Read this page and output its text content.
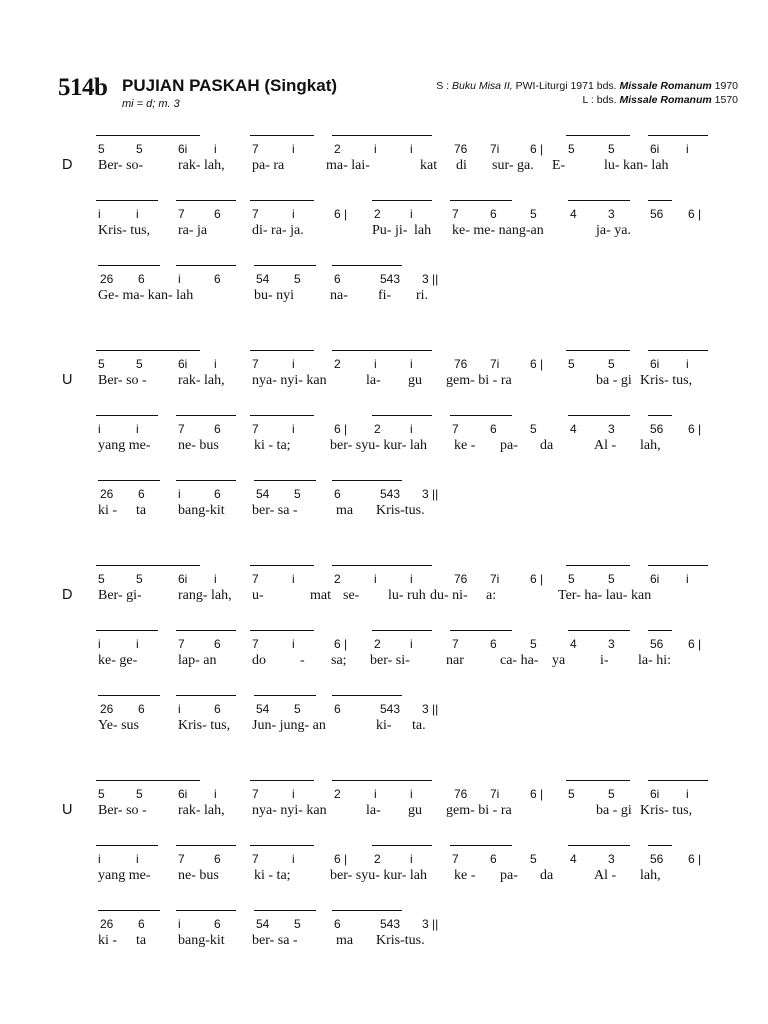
514b PUJIAN PASKAH (Singkat)
mi = d; m. 3
S : Buku Misa II, PWI-Liturgi 1971 bds. Missale Romanum 1970
L : bds. Missale Romanum 1570
5	5	6i i	7	i	2	i	i	76 7i	6 | 5	5	6i i
Ber- so- rak- lah, pa- ra	ma- lai-	kat di sur- ga. E-	lu- kan- lah
i	i	7 6	7	i	6 | 2 i	7	6	5	4	3	56 6 |
Kris- tus, ra- ja	di- ra- ja.	Pu- ji- lah ke- me- nang-an	ja- ya.
26 6	i	6	54 5	6	543 3 ||
Ge- ma- kan- lah	bu- nyi	na- fi- ri.
D
5	5	6i i	7	i	2	i	i	76 7i	6 | 5	5	6i i
Ber- so - rak- lah, nya- nyi- kan	la- gu gem- bi - ra	ba - gi Kris- tus,
i	i	7 6	7	i	6 | 2 i	7	6	5	4	3	56 6 |
yang me- ne- bus	ki - ta;	ber- syu- kur- lah ke - pa- da	Al - lah,
26 6	i	6	54 5	6	543 3 ||
ki - ta bang-kit ber- sa -	ma Kris-tus.
U
5	5	6i i	7	i	2	i	i	76 7i	6 | 5	5	6i i
Ber- gi-	rang- lah, u-	mat se- lu- ruh du- ni- a:	Ter- ha- lau- kan
i	i	7 6	7	i	6 | 2 i	7	6	5	4	3	56 6 |
ke- ge-	lap- an	do - sa; ber- si-	nar	ca- ha- ya i- la- hi:
26 6	i	6	54 5	6	543 3 ||
Ye- sus	Kris- tus, Jun- jung- an	ki- ta.
D
5	5	6i i	7	i	2	i	i	76 7i	6 | 5	5	6i i
Ber- so - rak- lah, nya- nyi- kan	la- gu gem- bi - ra	ba - gi Kris- tus,
i	i	7 6	7	i	6 | 2 i	7	6	5	4	3	56 6 |
yang me- ne- bus	ki - ta;	ber- syu- kur- lah ke - pa- da	Al - lah,
26 6	i	6	54 5	6	543 3 ||
ki - ta bang-kit ber- sa -	ma Kris-tus.
U
